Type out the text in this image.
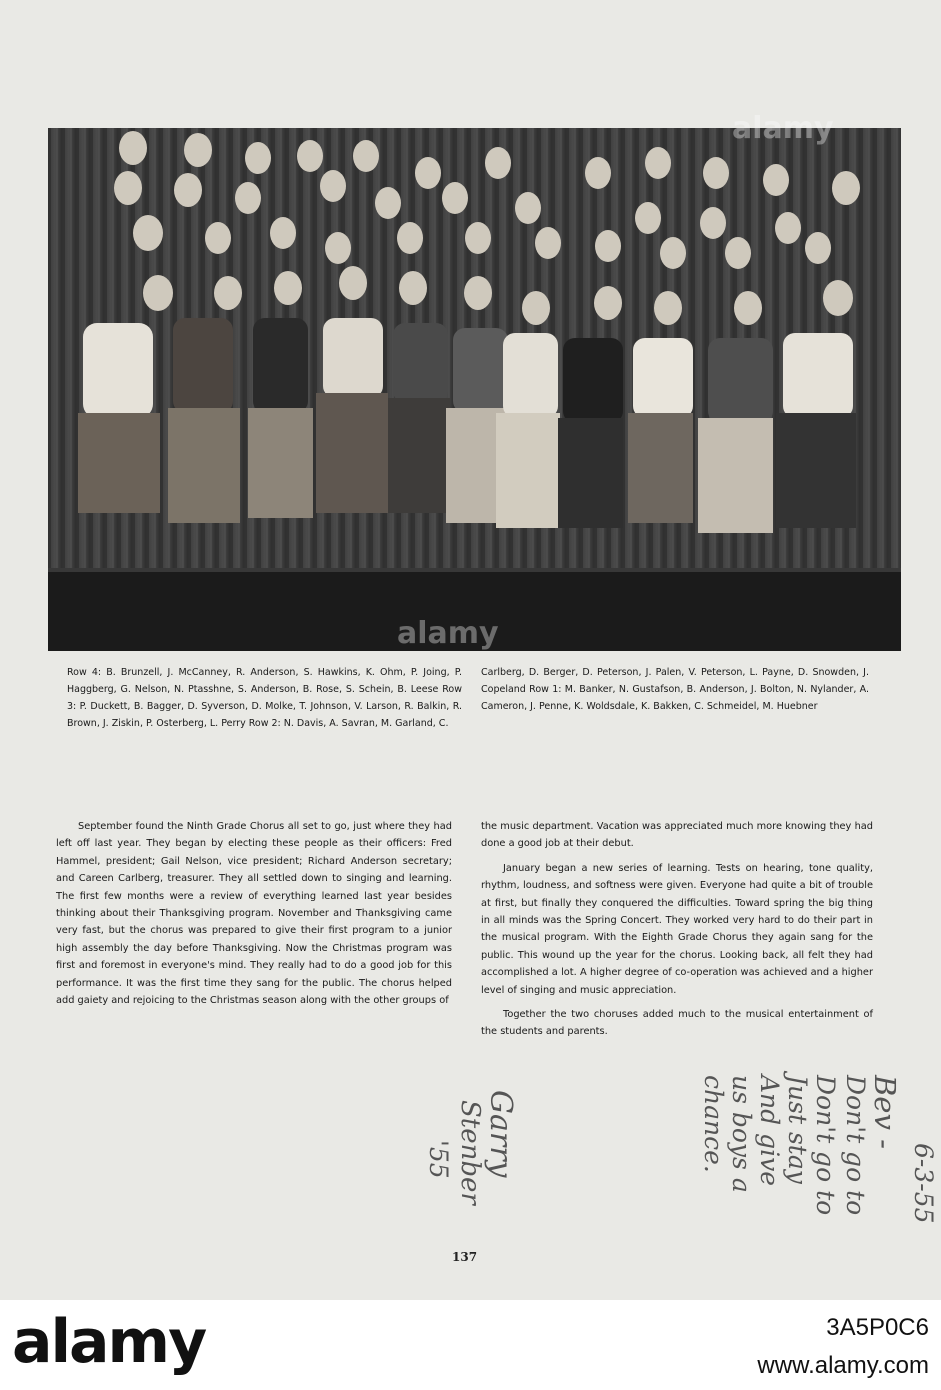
Row 4: B. Brunzell, J. McCanney, R. Anderson, S. Hawkins, K. Ohm, P. Joing, P. Haggberg, G. Nelson, N. Ptasshne, S. Anderson, B. Rose, S. Schein, B. Leese Row 3: P. Duckett, B. Bagger, D. Syverson, D. Molke, T. Johnson, V. Larson, R. Balkin, R. Brown, J. Ziskin, P. Osterberg, L. Perry Row 2: N. Davis, A. Savran, M. Garland, C.
Carlberg, D. Berger, D. Peterson, J. Palen, V. Peterson, L. Payne, D. Snowden, J. Copeland Row 1: M. Banker, N. Gustafson, B. Anderson, J. Bolton, N. Nylander, A. Cameron, J. Penne, K. Woldsdale, K. Bakken, C. Schmeidel, M. Huebner

September found the Ninth Grade Chorus all set to go, just where they had left off last year. They began by electing these people as their officers: Fred Hammel, president; Gail Nelson, vice president; Richard Anderson secretary; and Careen Carlberg, treasurer. They all settled down to singing and learning. The first few months were a review of everything learned last year besides thinking about their Thanksgiving program. November and Thanksgiving came very fast, but the chorus was prepared to give their first program to a junior high assembly the day before Thanksgiving. Now the Christmas program was first and foremost in everyone's mind. They really had to do a good job for this performance. It was the first time they sang for the public. The chorus helped add gaiety and rejoicing to the Christmas season along with the other groups of

the music department. Vacation was appreciated much more knowing they had done a good job at their debut.

January began a new series of learning. Tests on hearing, tone quality, rhythm, loudness, and softness were given. Everyone had quite a bit of trouble at first, but finally they conquered the difficulties. Toward spring the big thing in all minds was the Spring Concert. They worked very hard to do their part in the musical program. With the Eighth Grade Chorus they again sang for the public. This wound up the year for the chorus. Looking back, all felt they had accomplished a lot. A higher degree of co-operation was achieved and a higher level of singing and music appreciation.

Together the two choruses added much to the musical entertainment of the students and parents.

137
Bev -
Don't go to
Don't go to
Just stay
And give
us boys a
chance.
6-3-55
Garry
Stenber
'55
alamy
alamy
alamy	3A5P0C6
www.alamy.com
